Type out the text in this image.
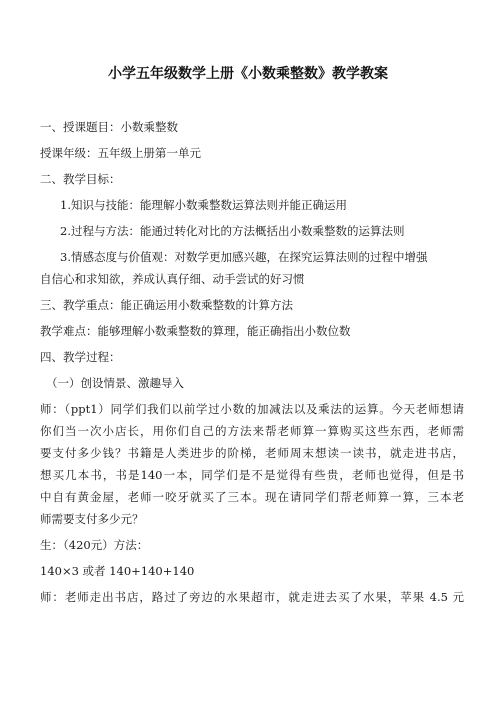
小学五年级数学上册《小数乘整数》教学教案
一、授课题目：小数乘整数
授课年级：五年级上册第一单元
二、教学目标：
1.知识与技能：能理解小数乘整数运算法则并能正确运用
2.过程与方法：能通过转化对比的方法概括出小数乘整数的运算法则
3.情感态度与价值观：对数学更加感兴趣，在探究运算法则的过程中增强
自信心和求知欲，养成认真仔细、动手尝试的好习惯
三、教学重点：能正确运用小数乘整数的计算方法
教学难点：能够理解小数乘整数的算理，能正确指出小数位数
四、教学过程：
（一）创设情景、激趣导入
师：（ppt1）同学们我们以前学过小数的加减法以及乘法的运算。今天老师想请
你们当一次小店长，用你们自己的方法来帮老师算一算购买这些东西，老师需
要支付多少钱？书籍是人类进步的阶梯，老师周末想读一读书，就走进书店，
想买几本书，书是140一本，同学们是不是觉得有些贵，老师也觉得，但是书
中自有黄金屋，老师一咬牙就买了三本。现在请同学们帮老师算一算，三本老
师需要支付多少元？
生：（420元）方法：
140×3 或者 140+140+140
师：老师走出书店，路过了旁边的水果超市，就走进去买了水果，苹果 4.5 元
